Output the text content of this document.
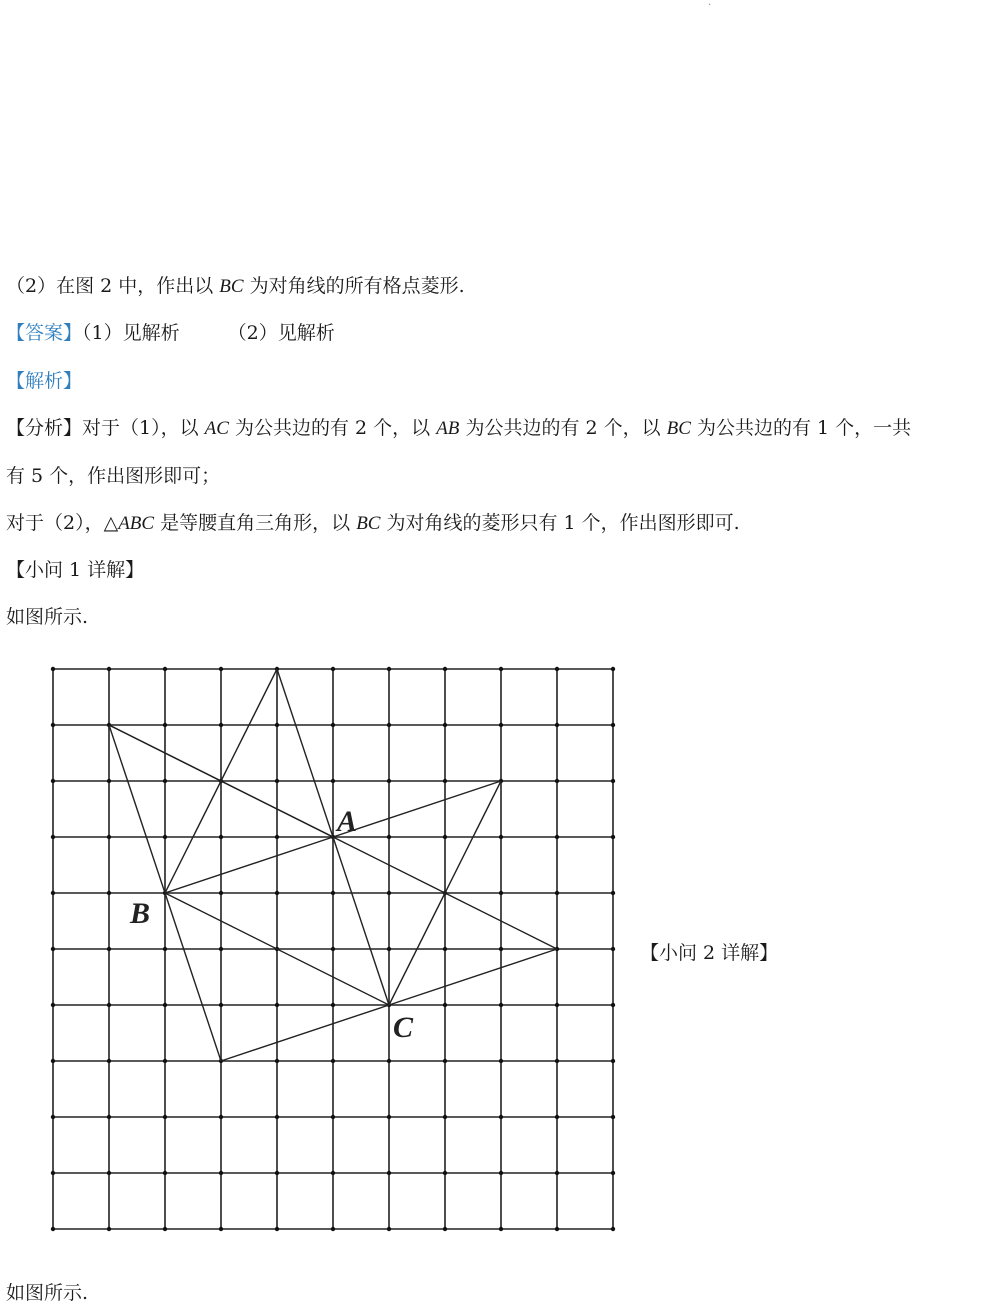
·
（2）在图 2 中，作出以 BC 为对角线的所有格点菱形.
【答案】（1）见解析	（2）见解析
【解析】
【分析】对于（1），以 AC 为公共边的有 2 个，以 AB 为公共边的有 2 个，以 BC 为公共边的有 1 个，一共
有 5 个，作出图形即可；
对于（2），△ABC 是等腰直角三角形，以 BC 为对角线的菱形只有 1 个，作出图形即可.
【小问 1 详解】
如图所示.
A
B
C
【小问 2 详解】
如图所示.
